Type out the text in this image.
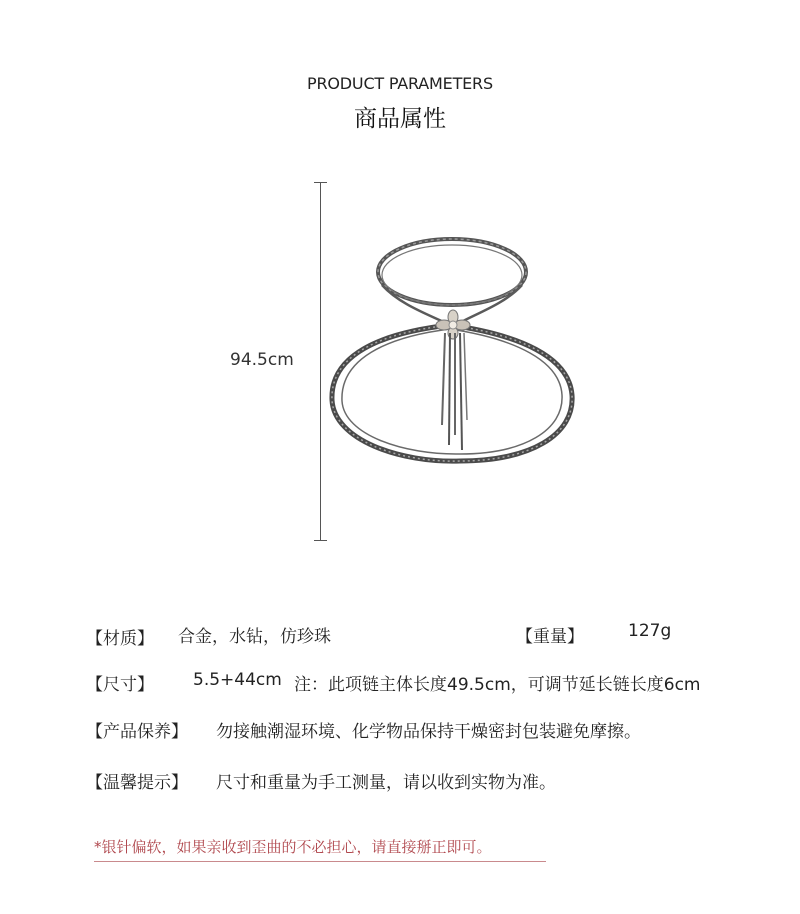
PRODUCT PARAMETERS
商品属性
94.5cm
【材质】 合金，水钻，仿珍珠	【重量】	127g
【尺寸】 5.5+44cm 注：此项链主体长度49.5cm，可调节延长链长度6cm
【产品保养】 勿接触潮湿环境、化学物品保持干燥密封包装避免摩擦。
【温馨提示】 尺寸和重量为手工测量，请以收到实物为准。
*银针偏软，如果亲收到歪曲的不必担心，请直接掰正即可。
